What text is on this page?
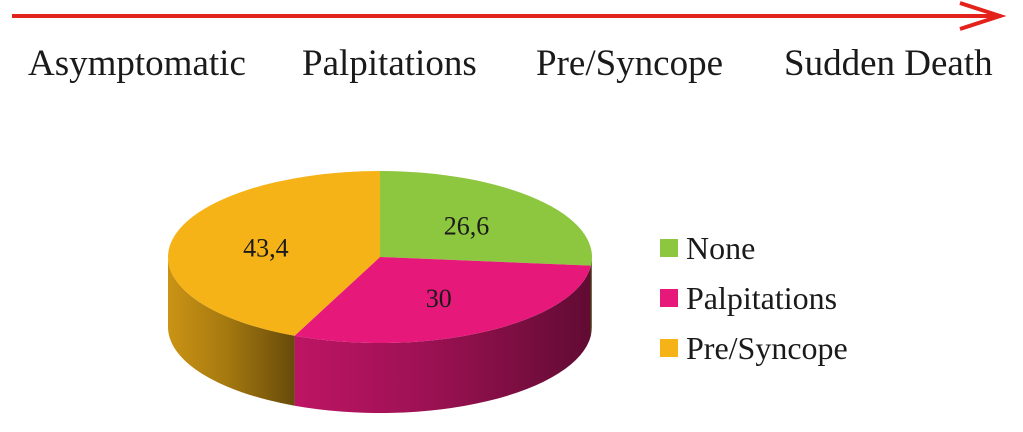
Asymptomatic Palpitations Pre/Syncope Sudden Death
26,6
30
43,4	None
Palpitations
Pre/Syncope
